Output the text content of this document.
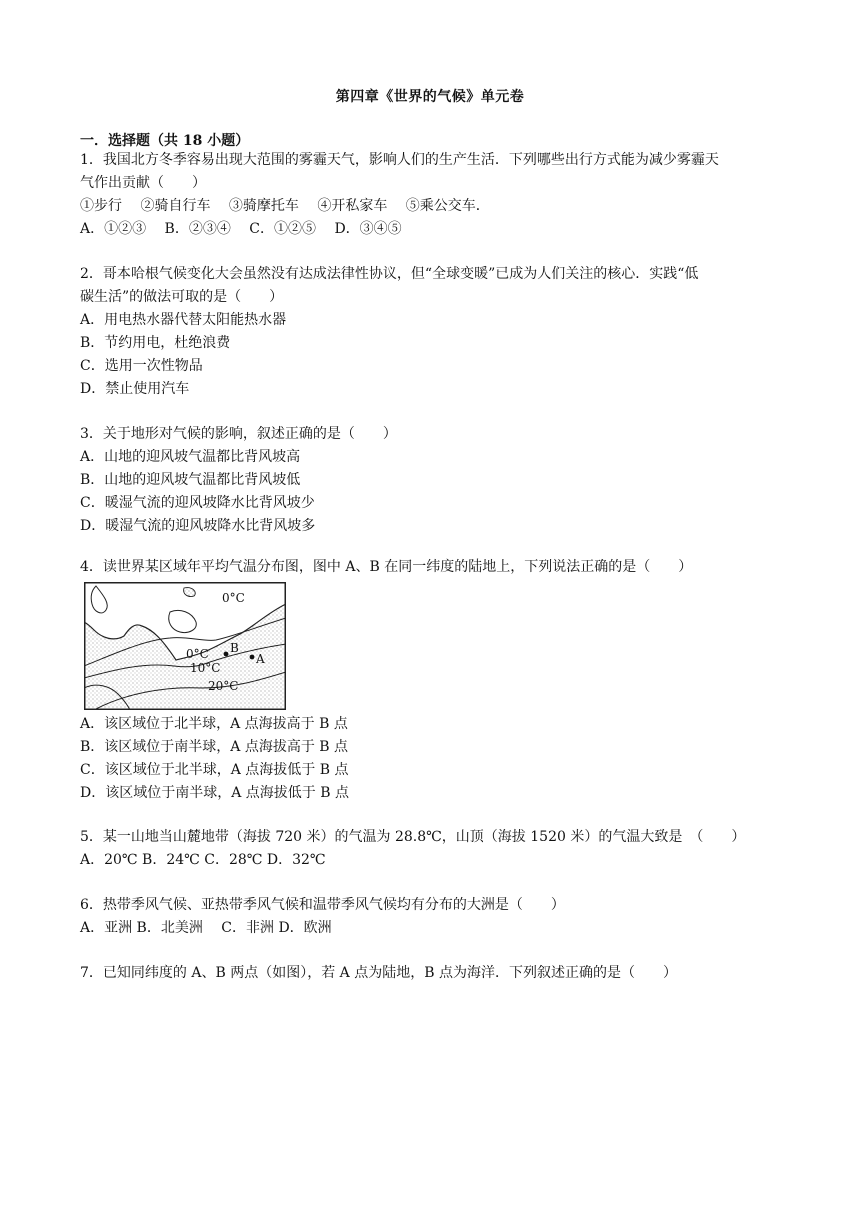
第四章《世界的气候》单元卷
一．选择题（共 18 小题）
1．我国北方冬季容易出现大范围的雾霾天气，影响人们的生产生活．下列哪些出行方式能为减少雾霾天
气作出贡献（　　）
①步行　 ②骑自行车　 ③骑摩托车　 ④开私家车　 ⑤乘公交车．
A．①②③　 B．②③④　 C．①②⑤　 D．③④⑤
2．哥本哈根气候变化大会虽然没有达成法律性协议，但“全球变暖”已成为人们关注的核心．实践“低
碳生活”的做法可取的是（　　）
A．用电热水器代替太阳能热水器
B．节约用电，杜绝浪费
C．选用一次性物品
D．禁止使用汽车
3．关于地形对气候的影响，叙述正确的是（　　）
A．山地的迎风坡气温都比背风坡高
B．山地的迎风坡气温都比背风坡低
C．暖湿气流的迎风坡降水比背风坡少
D．暖湿气流的迎风坡降水比背风坡多
4．读世界某区域年平均气温分布图，图中 A、B 在同一纬度的陆地上，下列说法正确的是（　　）
0°C
0°C
10°C
20°C
B
A
A．该区域位于北半球，A 点海拔高于 B 点
B．该区域位于南半球，A 点海拔高于 B 点
C．该区域位于北半球，A 点海拔低于 B 点
D．该区域位于南半球，A 点海拔低于 B 点
5．某一山地当山麓地带（海拔 720 米）的气温为 28.8℃，山顶（海拔 1520 米）的气温大致是　（　　）
A．20℃ B．24℃ C．28℃ D．32℃
6．热带季风气候、亚热带季风气候和温带季风气候均有分布的大洲是（　　）
A．亚洲 B．北美洲　 C．非洲 D．欧洲
7．已知同纬度的 A、B 两点（如图），若 A 点为陆地，B 点为海洋．下列叙述正确的是（　　）
